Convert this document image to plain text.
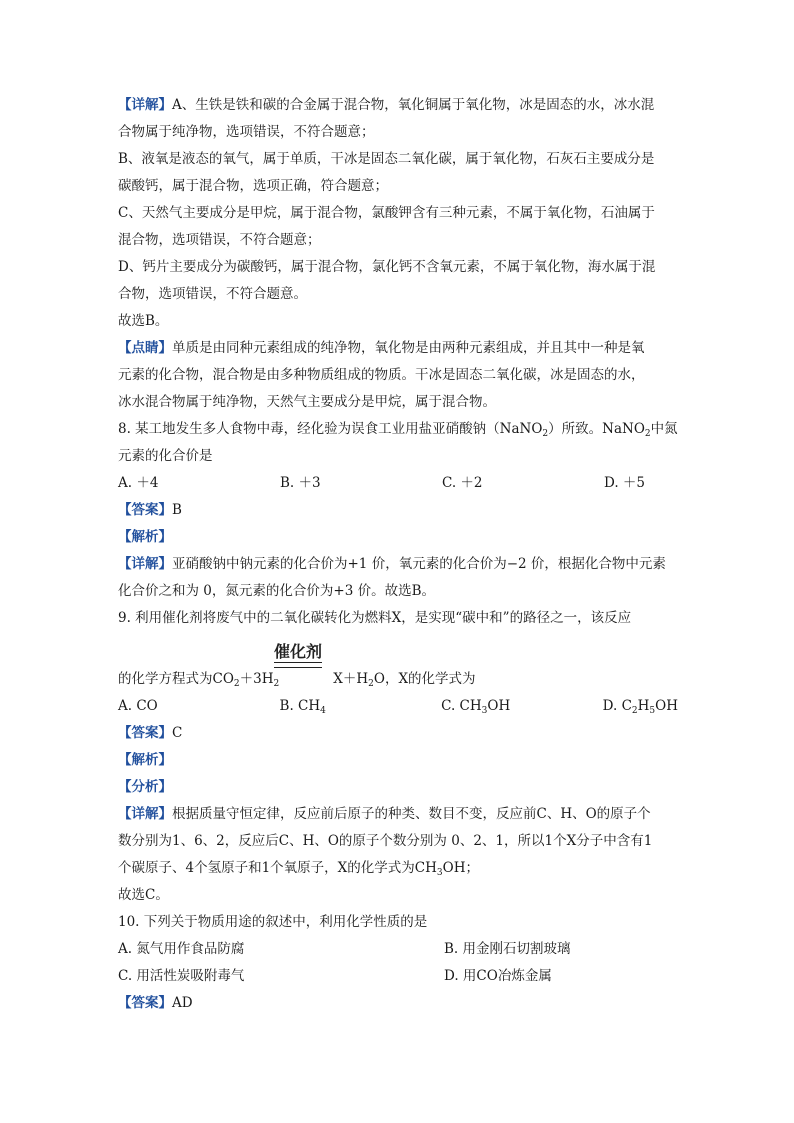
【详解】A、生铁是铁和碳的合金属于混合物，氧化铜属于氧化物，冰是固态的水，冰水混
合物属于纯净物，选项错误，不符合题意；
B、液氧是液态的氧气，属于单质，干冰是固态二氧化碳，属于氧化物，石灰石主要成分是
碳酸钙，属于混合物，选项正确，符合题意；
C、天然气主要成分是甲烷，属于混合物，氯酸钾含有三种元素，不属于氧化物，石油属于
混合物，选项错误，不符合题意；
D、钙片主要成分为碳酸钙，属于混合物，氯化钙不含氧元素，不属于氧化物，海水属于混
合物，选项错误，不符合题意。
故选B。
【点睛】单质是由同种元素组成的纯净物，氧化物是由两种元素组成，并且其中一种是氧
元素的化合物，混合物是由多种物质组成的物质。干冰是固态二氧化碳，冰是固态的水，
冰水混合物属于纯净物，天然气主要成分是甲烷，属于混合物。
8. 某工地发生多人食物中毒，经化验为误食工业用盐亚硝酸钠（NaNO$_2$）所致。NaNO$_2$中氮
元素的化合价是
A. ＋4	B. ＋3	C. ＋2	D. ＋5
【答案】B
【解析】
【详解】亚硝酸钠中钠元素的化合价为+1 价，氧元素的化合价为−2 价，根据化合物中元素
化合价之和为 0，氮元素的化合价为+3 价。故选B。
9. 利用催化剂将废气中的二氧化碳转化为燃料X，是实现“碳中和”的路径之一，该反应
催化剂
的化学方程式为$CO_2+3H_2$	$X+H_2O$，X的化学式为
A. CO	B. $CH_4$	C. $CH_3OH$	D. $C_2H_5OH$
【答案】C
【解析】
【分析】
【详解】根据质量守恒定律，反应前后原子的种类、数目不变，反应前C、H、O的原子个
数分别为1、6、2，反应后C、H、O的原子个数分别为 0、2、1，所以1个X分子中含有1
个碳原子、4个氢原子和1个氧原子，X的化学式为$CH_3OH$；
故选C。
10. 下列关于物质用途的叙述中，利用化学性质的是
A. 氮气用作食品防腐	B. 用金刚石切割玻璃
C. 用活性炭吸附毒气	D. 用CO冶炼金属
【答案】AD
